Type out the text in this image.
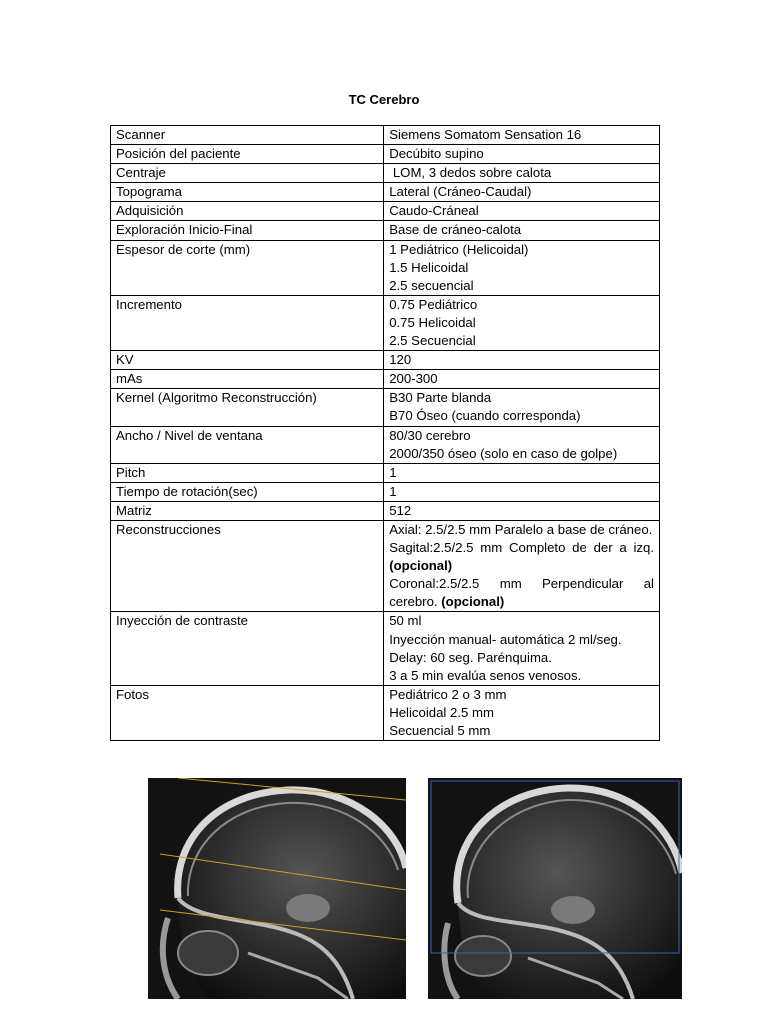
TC Cerebro
Scanner	Siemens Somatom Sensation 16

Posición del paciente	Decúbito supino

Centraje	LOM, 3 dedos sobre calota

Topograma	Lateral (Cráneo-Caudal)

Adquisición	Caudo-Cráneal

Exploración Inicio-Final	Base de cráneo-calota

Espesor de corte (mm)	1 Pediátrico (Helicoidal)
1.5 Helicoidal
2.5 secuencial

Incremento	0.75 Pediátrico
0.75 Helicoidal
2.5 Secuencial

KV	120

mAs	200-300

Kernel (Algoritmo Reconstrucción)	B30 Parte blanda
B70 Óseo (cuando corresponda)

Ancho / Nivel de ventana	80/30 cerebro
2000/350 óseo (solo en caso de golpe)

Pitch	1

Tiempo de rotación(sec)	1

Matriz	512

Reconstrucciones	Axial: 2.5/2.5 mm Paralelo a base de cráneo.
Sagital:2.5/2.5 mm Completo de der a izq. (opcional)
Coronal:2.5/2.5 mm Perpendicular al cerebro. (opcional)
Inyección de contraste	50 ml
Inyección manual- automática 2 ml/seg.
Delay: 60 seg. Parénquima.
3 a 5 min evalúa senos venosos.

Fotos	Pediátrico 2 o 3 mm
Helicoidal 2.5 mm
Secuencial 5 mm
